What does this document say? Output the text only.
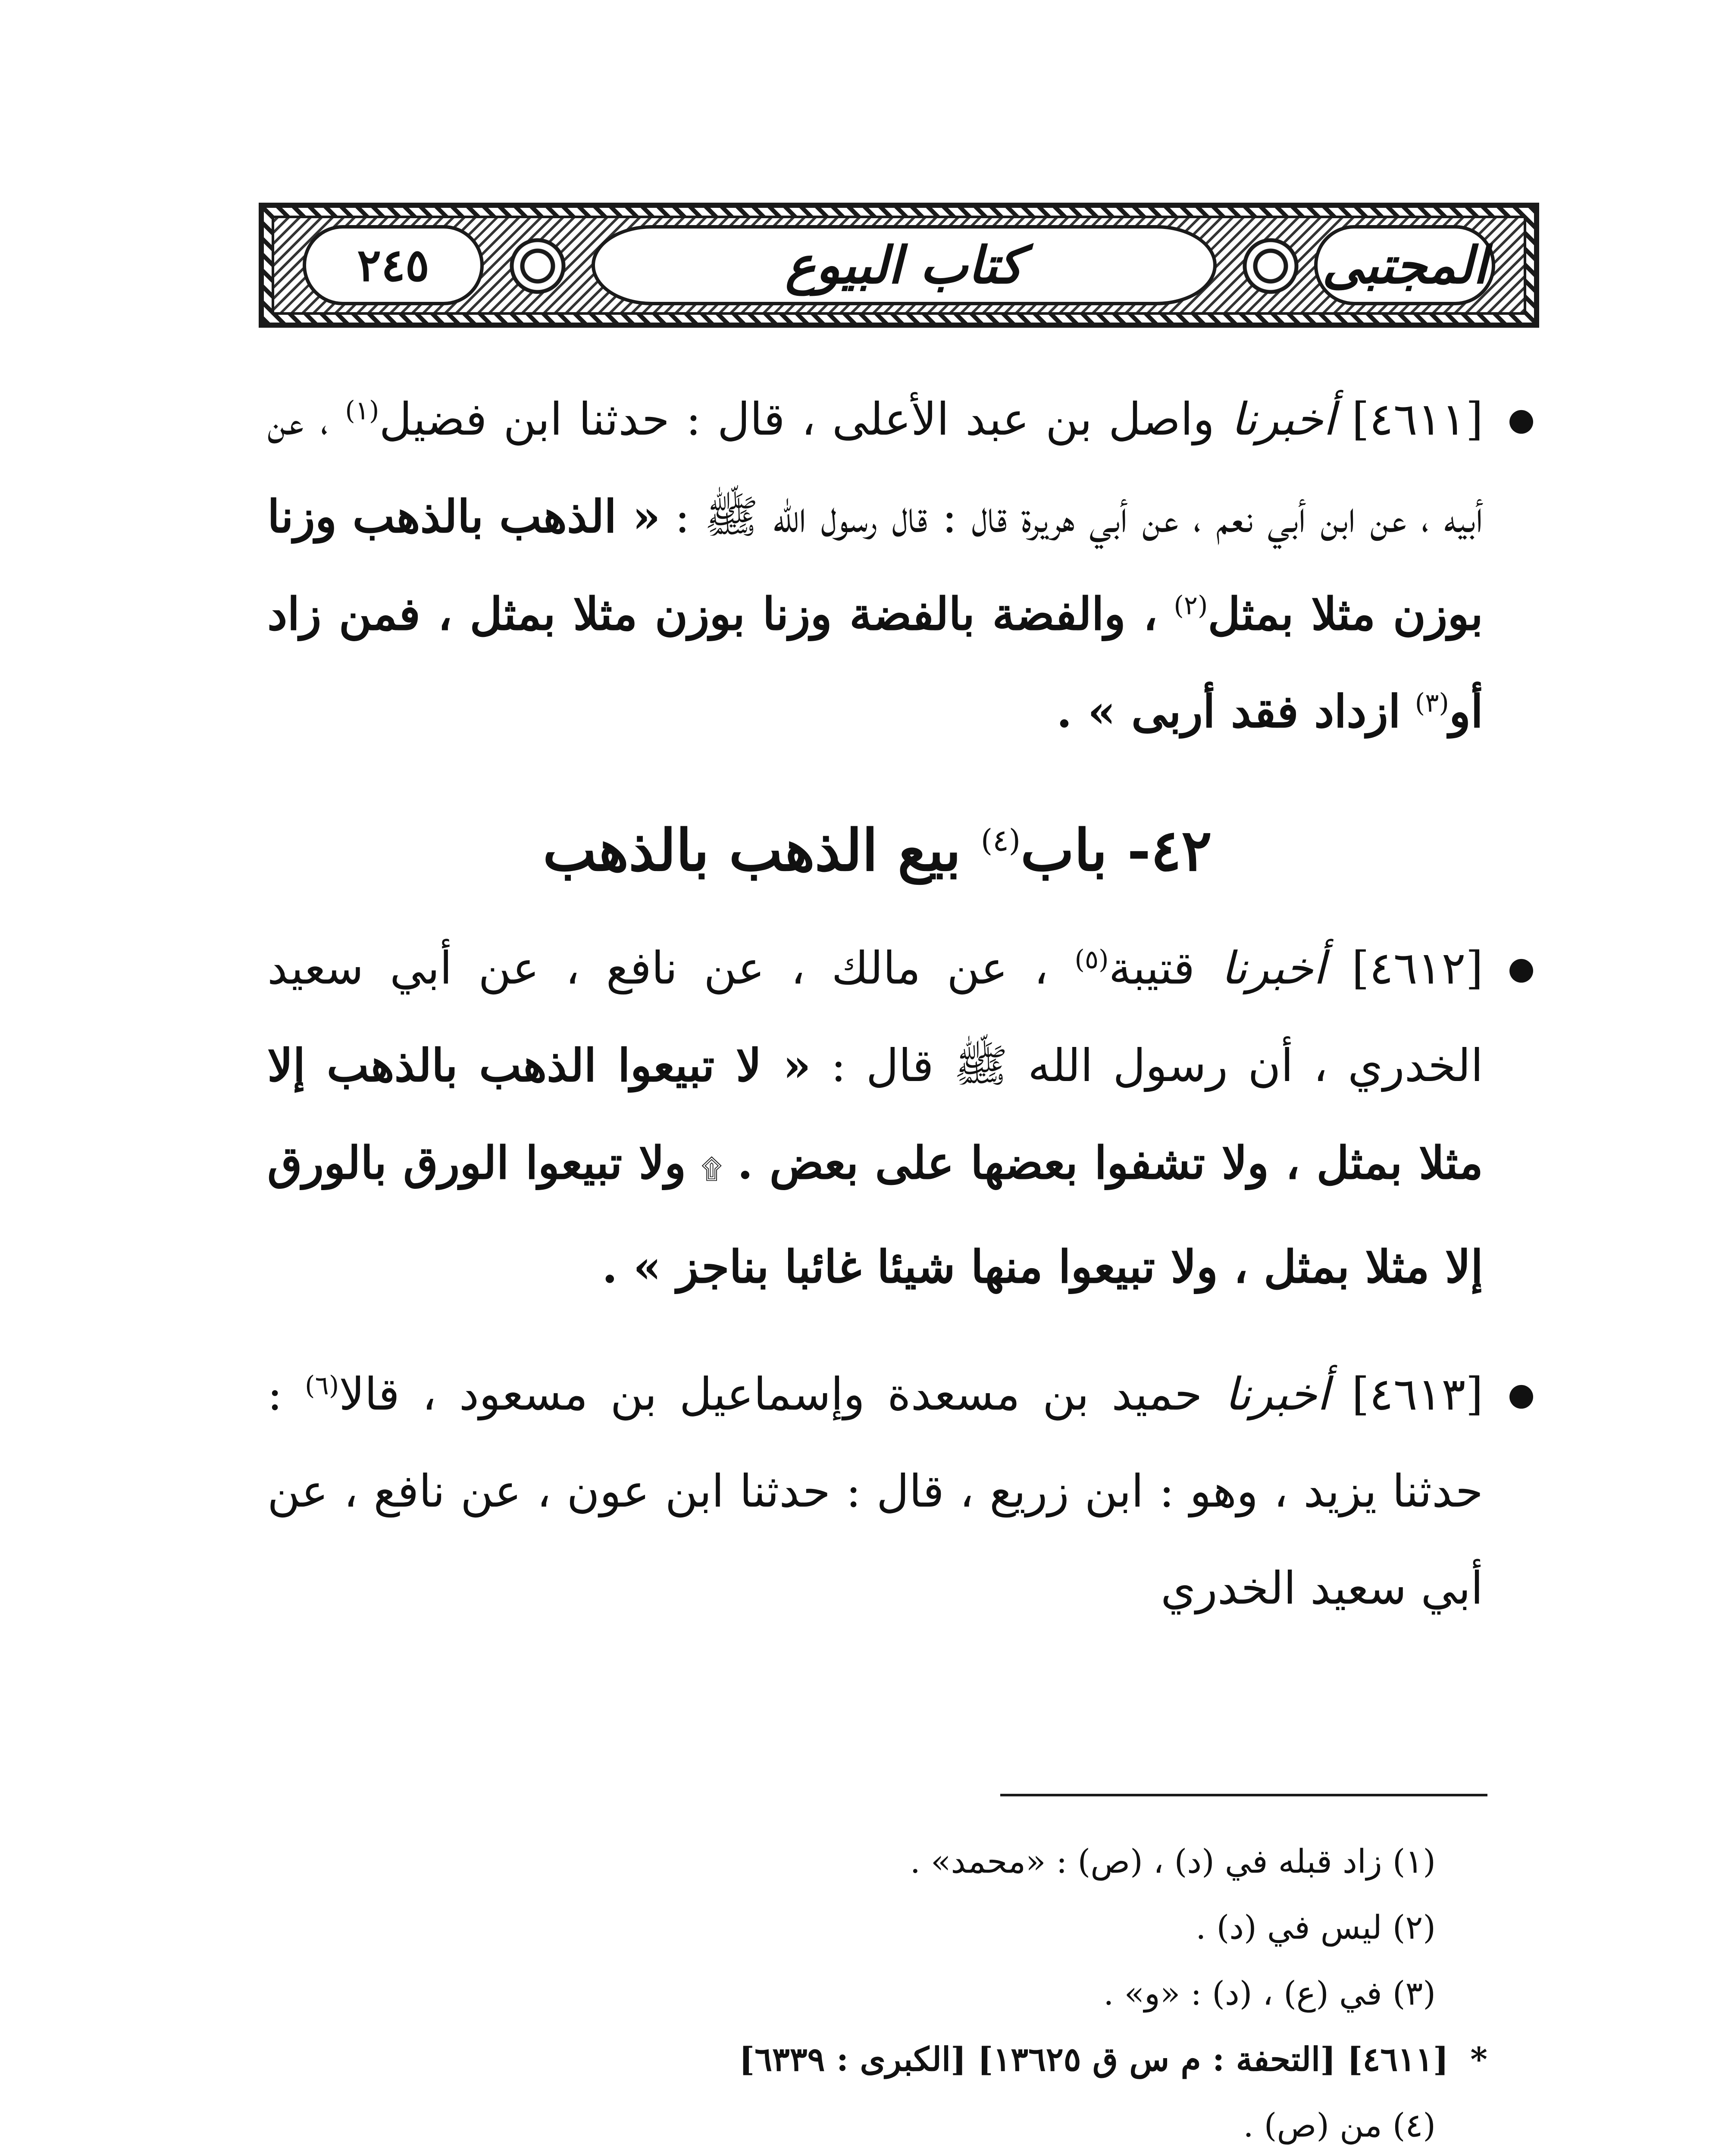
٢٤٥	كتاب البيوع	المجتبى

●
[٤٦١١] أخبرنا واصل بن عبد الأعلى ، قال : حدثنا ابن فضيل$^{(١)}$ ، عن أبيه ، عن ابن أبي نعم ، عن أبي هريرة قال : قال رسول الله ﷺ : « الذهب بالذهب وزنا بوزن مثلا بمثل$^{(٢)}$ ، والفضة بالفضة وزنا بوزن مثلا بمثل ، فمن زاد أو$^{(٣)}$ ازداد فقد أربى » .

٤٢- باب$^{(٤)}$ بيع الذهب بالذهب

●
[٤٦١٢] أخبرنا قتيبة$^{(٥)}$ ، عن مالك ، عن نافع ، عن أبي سعيد الخدري ، أن رسول الله ﷺ قال : « لا تبيعوا الذهب بالذهب إلا مثلا بمثل ، ولا تشفوا بعضها على بعض . ۩ ولا تبيعوا الورق بالورق إلا مثلا بمثل ، ولا تبيعوا منها شيئا غائبا بناجز » .

●
[٤٦١٣] أخبرنا حميد بن مسعدة وإسماعيل بن مسعود ، قالا$^{(٦)}$ : حدثنا يزيد ، وهو : ابن زريع ، قال : حدثنا ابن عون ، عن نافع ، عن أبي سعيد الخدري

(١) زاد قبله في (د) ، (ص) : «محمد» .

(٢) ليس في (د) .

(٣) في (ع) ، (د) : «و» .

* [٤٦١١] [التحفة : م س ق ١٣٦٢٥] [الكبرى : ٦٣٣٩]

(٤) من (ص) .
